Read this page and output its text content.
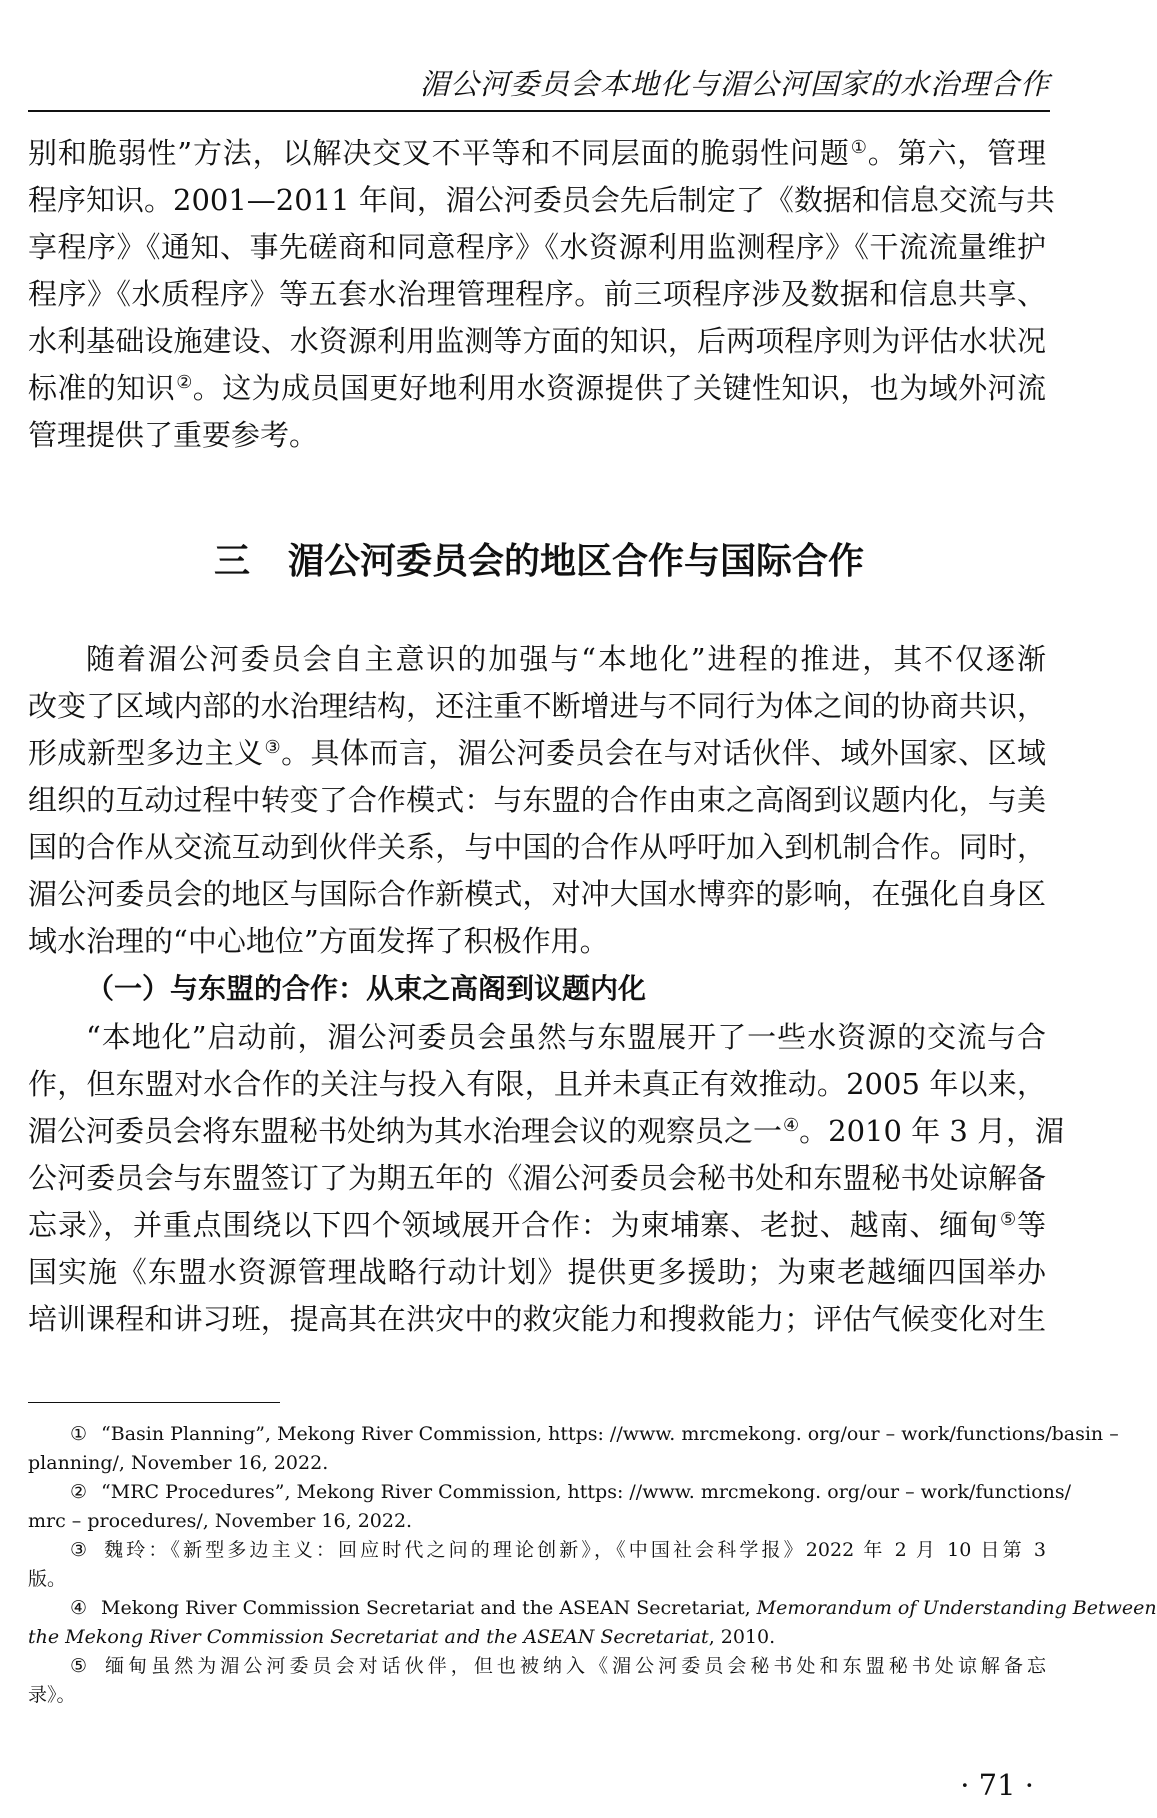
湄公河委员会本地化与湄公河国家的水治理合作
别和脆弱性”方法，以解决交叉不平等和不同层面的脆弱性问题①。第六，管理
程序知识。2001—2011 年间，湄公河委员会先后制定了《数据和信息交流与共
享程序》《通知、事先磋商和同意程序》《水资源利用监测程序》《干流流量维护
程序》《水质程序》等五套水治理管理程序。前三项程序涉及数据和信息共享、
水利基础设施建设、水资源利用监测等方面的知识，后两项程序则为评估水状况
标准的知识②。这为成员国更好地利用水资源提供了关键性知识，也为域外河流
管理提供了重要参考。
三 湄公河委员会的地区合作与国际合作
随着湄公河委员会自主意识的加强与“本地化”进程的推进，其不仅逐渐
改变了区域内部的水治理结构，还注重不断增进与不同行为体之间的协商共识，
形成新型多边主义③。具体而言，湄公河委员会在与对话伙伴、域外国家、区域
组织的互动过程中转变了合作模式：与东盟的合作由束之高阁到议题内化，与美
国的合作从交流互动到伙伴关系，与中国的合作从呼吁加入到机制合作。同时，
湄公河委员会的地区与国际合作新模式，对冲大国水博弈的影响，在强化自身区
域水治理的“中心地位”方面发挥了积极作用。
（一）与东盟的合作：从束之高阁到议题内化
“本地化”启动前，湄公河委员会虽然与东盟展开了一些水资源的交流与合
作，但东盟对水合作的关注与投入有限，且并未真正有效推动。2005 年以来，
湄公河委员会将东盟秘书处纳为其水治理会议的观察员之一④。2010 年 3 月，湄
公河委员会与东盟签订了为期五年的《湄公河委员会秘书处和东盟秘书处谅解备
忘录》，并重点围绕以下四个领域展开合作：为柬埔寨、老挝、越南、缅甸⑤等
国实施《东盟水资源管理战略行动计划》提供更多援助；为柬老越缅四国举办
培训课程和讲习班，提高其在洪灾中的救灾能力和搜救能力；评估气候变化对生
① “Basin Planning”, Mekong River Commission, https: //www. mrcmekong. org/our – work/functions/basin –
planning/, November 16, 2022.
② “MRC Procedures”, Mekong River Commission, https: //www. mrcmekong. org/our – work/functions/
mrc – procedures/, November 16, 2022.
③ 魏玲：《新型多边主义：回应时代之问的理论创新》，《中国社会科学报》2022 年 2 月 10 日第 3
版。
④ Mekong River Commission Secretariat and the ASEAN Secretariat, Memorandum of Understanding Between
the Mekong River Commission Secretariat and the ASEAN Secretariat, 2010.
⑤ 缅甸虽然为湄公河委员会对话伙伴，但也被纳入《湄公河委员会秘书处和东盟秘书处谅解备忘
录》。
· 71 ·
